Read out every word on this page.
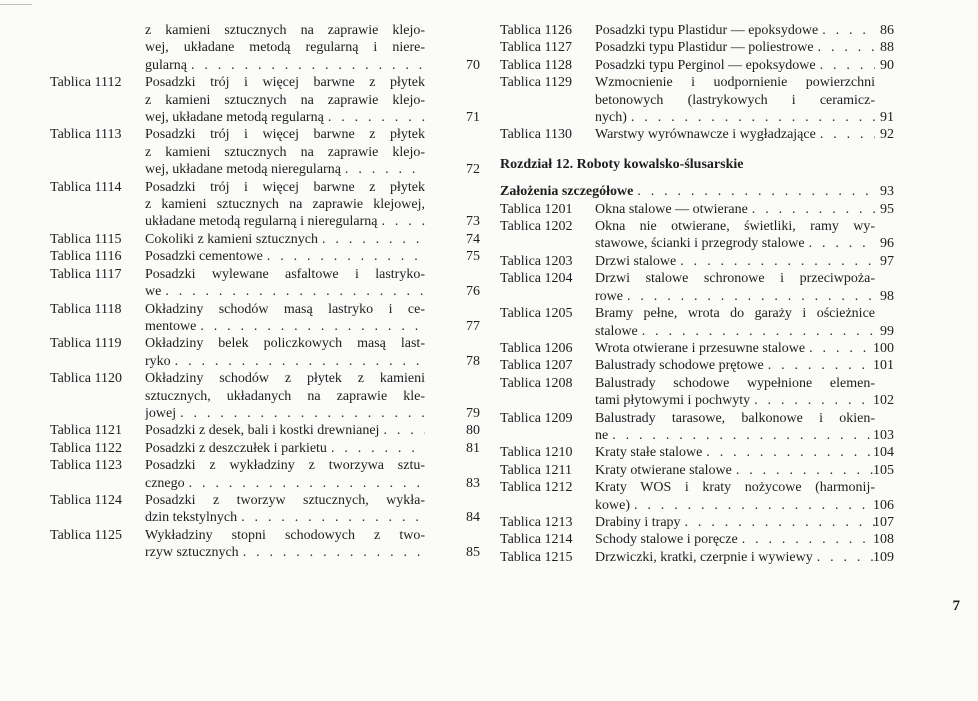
z kamieni sztucznych na zaprawie klejo-
wej, układane metodą regularną i niere-
gularną . . .	70
Tablica 1112	Posadzki trój i więcej barwne z płytek
z kamieni sztucznych na zaprawie klejo-
wej, układane metodą regularną . . .	71
Tablica 1113	Posadzki trój i więcej barwne z płytek
z kamieni sztucznych na zaprawie klejo-
wej, układane metodą nieregularną . . .	72
Tablica 1114	Posadzki trój i więcej barwne z płytek
z kamieni sztucznych na zaprawie klejowej,
układane metodą regularną i nieregularną . . .	73
Tablica 1115	Cokoliki z kamieni sztucznych . . .	74
Tablica 1116	Posadzki cementowe . . .	75
Tablica 1117	Posadzki wylewane asfaltowe i lastryko-
we . . .	76
Tablica 1118	Okładziny schodów masą lastryko i ce-
mentowe . . .	77
Tablica 1119	Okładziny belek policzkowych masą last-
ryko . . .	78
Tablica 1120	Okładziny schodów z płytek z kamieni
sztucznych, układanych na zaprawie kle-
jowej . . .	79
Tablica 1121	Posadzki z desek, bali i kostki drewnianej . . .	80
Tablica 1122	Posadzki z deszczułek i parkietu . . .	81
Tablica 1123	Posadzki z wykładziny z tworzywa sztu-
cznego . . .	83
Tablica 1124	Posadzki z tworzyw sztucznych, wykła-
dzin tekstylnych . . .	84
Tablica 1125	Wykładziny stopni schodowych z two-
rzyw sztucznych . . .	85
Tablica 1126	Posadzki typu Plastidur — epoksydowe . . .	86
Tablica 1127	Posadzki typu Plastidur — poliestrowe . . .	88
Tablica 1128	Posadzki typu Perginol — epoksydowe . . .	90
Tablica 1129	Wzmocnienie i uodpornienie powierzchni
betonowych (lastrykowych i ceramicz-
nych) . . .	91
Tablica 1130	Warstwy wyrównawcze i wygładzające . . .	92
Rozdział 12. Roboty kowalsko-ślusarskie
Założenia szczegółowe . . .	93
Tablica 1201	Okna stalowe — otwierane . . .	95
Tablica 1202	Okna nie otwierane, świetliki, ramy wy-
stawowe, ścianki i przegrody stalowe . . .	96
Tablica 1203	Drzwi stalowe . . .	97
Tablica 1204	Drzwi stalowe schronowe i przeciwpoża-
rowe . . .	98
Tablica 1205	Bramy pełne, wrota do garaży i ościeżnice
stalowe . . .	99
Tablica 1206	Wrota otwierane i przesuwne stalowe . . .	100
Tablica 1207	Balustrady schodowe prętowe . . .	101
Tablica 1208	Balustrady schodowe wypełnione elemen-
tami płytowymi i pochwyty . . .	102
Tablica 1209	Balustrady tarasowe, balkonowe i okien-
ne . . .	103
Tablica 1210	Kraty stałe stalowe . . .	104
Tablica 1211	Kraty otwierane stalowe . . .	105
Tablica 1212	Kraty WOS i kraty nożycowe (harmonij-
kowe) . . .	106
Tablica 1213	Drabiny i trapy . . .	107
Tablica 1214	Schody stalowe i poręcze . . .	108
Tablica 1215	Drzwiczki, kratki, czerpnie i wywiewy . . .	109
7
